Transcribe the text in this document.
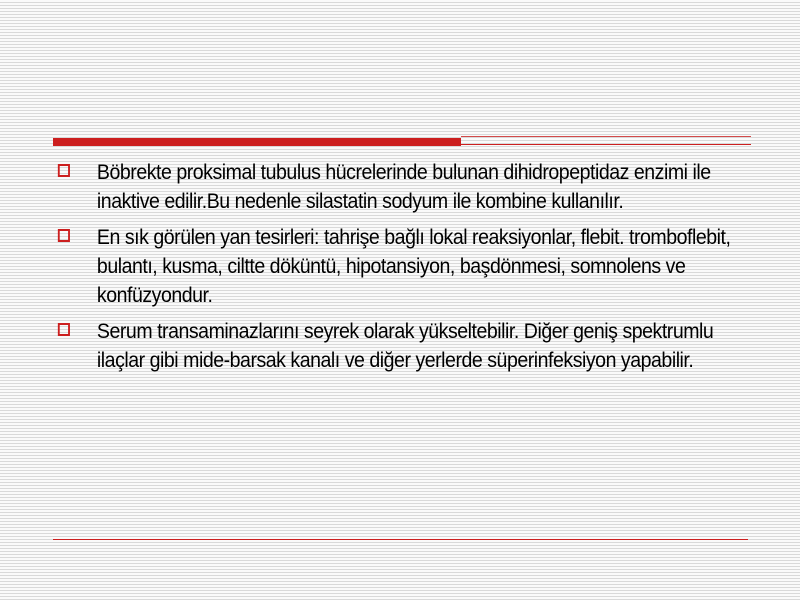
Böbrekte proksimal tubulus hücrelerinde bulunan dihidropeptidaz enzimi ile inaktive edilir.Bu nedenle silastatin sodyum ile kombine kullanılır.
En sık görülen yan tesirleri: tahrişe bağlı lokal reaksiyonlar, flebit. tromboflebit, bulantı, kusma, ciltte döküntü, hipotansiyon, başdönmesi, somnolens ve konfüzyondur.
Serum transaminazlarını seyrek olarak yükseltebilir. Diğer geniş spektrumlu ilaçlar gibi mide-barsak kanalı ve diğer yerlerde süperinfeksiyon yapabilir.
